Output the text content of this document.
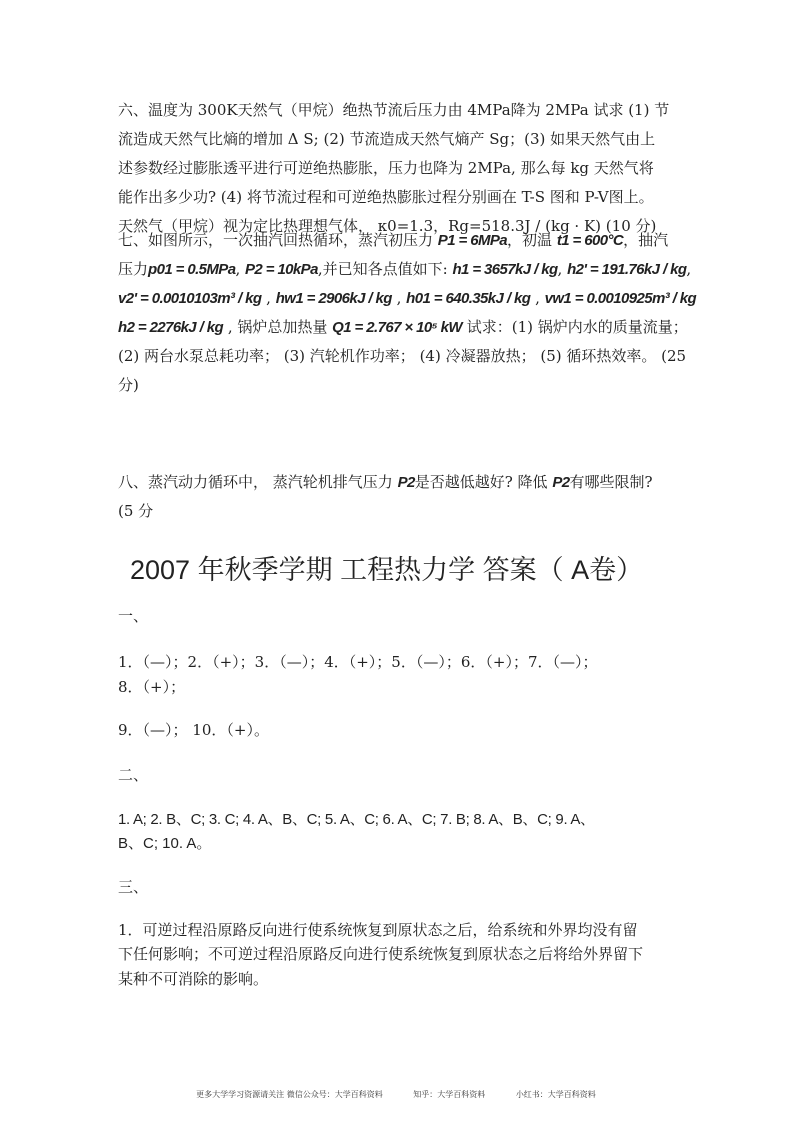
六、温度为 300K天然气（甲烷）绝热节流后压力由 4MPa降为 2MPa 试求 (1) 节
流造成天然气比熵的增加 Δ S; (2) 节流造成天然气熵产 Sg；(3) 如果天然气由上
述参数经过膨胀透平进行可逆绝热膨胀，压力也降为 2MPa, 那么每 kg 天然气将
能作出多少功? (4) 将节流过程和可逆绝热膨胀过程分别画在 T-S 图和 P-V图上。
天然气（甲烷）视为定比热理想气体， κ0=1.3，Rg=518.3J / (kg · K) (10 分)
七、如图所示，一次抽汽回热循环，蒸汽初压力 P1 = 6MPa，初温 t1 = 600°C，抽汽
压力p01 = 0.5MPa, P2 = 10kPa,并已知各点值如下: h1 = 3657kJ / kg, h2' = 191.76kJ / kg,
v2' = 0.0010103m³ / kg , hw1 = 2906kJ / kg , h01 = 640.35kJ / kg , vw1 = 0.0010925m³ / kg
h2 = 2276kJ / kg , 锅炉总加热量 Q1 = 2.767 × 10⁵ kW 试求：(1) 锅炉内水的质量流量；
(2) 两台水泵总耗功率； (3) 汽轮机作功率； (4) 冷凝器放热； (5) 循环热效率。 (25
分)
八、蒸汽动力循环中， 蒸汽轮机排气压力 P2是否越低越好? 降低 P2有哪些限制?
(5 分
2007 年秋季学期 工程热力学 答案（ A卷）
一、
1．（—）；2．（+）；3．（—）；4．（+）；5．（—）；6．（+）；7．（—）；
8．（+）；
9．（—）； 10．（+）。
二、
1. A; 2. B、C; 3. C; 4. A、B、C; 5. A、C; 6. A、C; 7. B; 8. A、B、C; 9. A、
B、C; 10. A。
三、
1．可逆过程沿原路反向进行使系统恢复到原状态之后，给系统和外界均没有留
下任何影响；不可逆过程沿原路反向进行使系统恢复到原状态之后将给外界留下
某种不可消除的影响。
更多大学学习资源请关注 微信公众号：大学百科资料	知乎：大学百科资料	小红书：大学百科资料
